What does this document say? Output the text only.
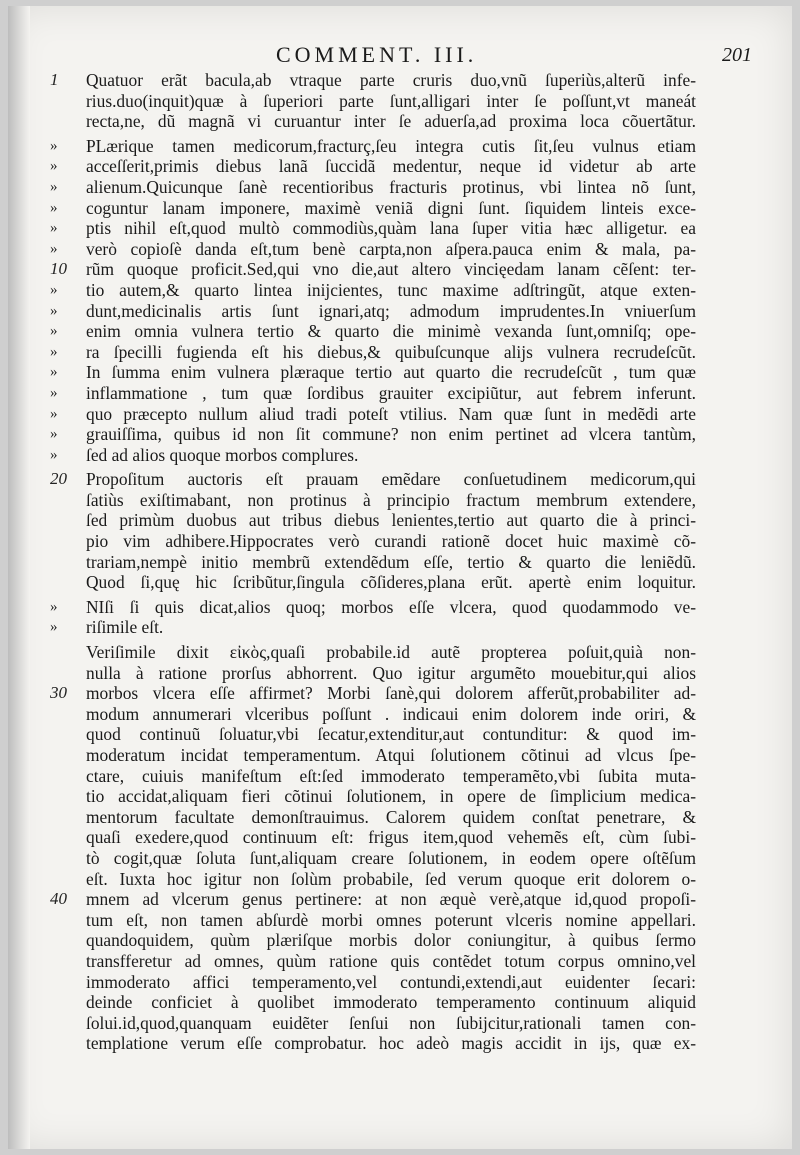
COMMENT. III.	201
1	Quatuor erãt bacula,ab vtraque parte cruris duo,vnũ ſuperiùs,alterũ infe-
rius.duo(inquit)quæ à ſuperiori parte ſunt,alligari inter ſe poſſunt,vt maneát
recta,ne, dũ magnã vi curuantur inter ſe aduerſa,ad proxima loca cõuertãtur.
»	PLærique tamen medicorum,fracturç,ſeu integra cutis ſit,ſeu vulnus etiam
»	acceſſerit,primis diebus lanã ſuccidã medentur, neque id videtur ab arte
»	alienum.Quicunque ſanè recentioribus fracturis protinus, vbi lintea nõ ſunt,
»	coguntur lanam imponere, maximè veniã digni ſunt. ſiquidem linteis exce-
»	ptis nihil eſt,quod multò commodiùs,quàm lana ſuper vitia hæc alligetur. ea
»	verò copioſè danda eſt,tum benè carpta,non aſpera.pauca enim & mala, pa-
10	rũm quoque proficit.Sed,qui vno die,aut altero vincięedam lanam cẽſent: ter-
»	tio autem,& quarto lintea inijcientes, tunc maxime adſtringũt, atque exten-
»	dunt,medicinalis artis ſunt ignari,atq; admodum imprudentes.In vniuerſum
»	enim omnia vulnera tertio & quarto die minimè vexanda ſunt,omniſq; ope-
»	ra ſpecilli fugienda eſt his diebus,& quibuſcunque alijs vulnera recrudeſcũt.
»	In ſumma enim vulnera plæraque tertio aut quarto die recrudeſcũt , tum quæ
»	inflammatione , tum quæ ſordibus grauiter excipiũtur, aut febrem inferunt.
»	quo præcepto nullum aliud tradi poteſt vtilius. Nam quæ ſunt in medẽdi arte
»	grauiſſima, quibus id non ſit commune? non enim pertinet ad vlcera tantùm,
»	ſed ad alios quoque morbos complures.
20	Propoſitum auctoris eſt prauam emẽdare conſuetudinem medicorum,qui
ſatiùs exiſtimabant, non protinus à principio fractum membrum extendere,
ſed primùm duobus aut tribus diebus lenientes,tertio aut quarto die à princi-
pio vim adhibere.Hippocrates verò curandi rationẽ docet huic maximè cõ-
trariam,nempè initio membrũ extendẽdum eſſe, tertio & quarto die leniẽdũ.
Quod ſi,quę hic ſcribũtur,ſingula cõſideres,plana erũt. apertè enim loquitur.
»	NIſi ſi quis dicat,alios quoq; morbos eſſe vlcera, quod quodammodo ve-
»	riſimile eſt.
Veriſimile dixit εἰκὸς,quaſi probabile.id autẽ propterea poſuit,quià non-
nulla à ratione prorſus abhorrent. Quo igitur argumẽto mouebitur,qui alios
30	morbos vlcera eſſe affirmet? Morbi ſanè,qui dolorem afferũt,probabiliter ad-
modum annumerari vlceribus poſſunt . indicaui enim dolorem inde oriri, &
quod continuũ ſoluatur,vbi ſecatur,extenditur,aut contunditur: & quod im-
moderatum incidat temperamentum. Atqui ſolutionem cõtinui ad vlcus ſpe-
ctare, cuiuis manifeſtum eſt:ſed immoderato temperamẽto,vbi ſubita muta-
tio accidat,aliquam fieri cõtinui ſolutionem, in opere de ſimplicium medica-
mentorum facultate demonſtrauimus. Calorem quidem conſtat penetrare, &
quaſi exedere,quod continuum eſt: frigus item,quod vehemẽs eſt, cùm ſubi-
tò cogit,quæ ſoluta ſunt,aliquam creare ſolutionem, in eodem opere oſtẽſum
eſt. Iuxta hoc igitur non ſolùm probabile, ſed verum quoque erit dolorem o-
40	mnem ad vlcerum genus pertinere: at non æquè verè,atque id,quod propoſi-
tum eſt, non tamen abſurdè morbi omnes poterunt vlceris nomine appellari.
quandoquidem, quùm plæriſque morbis dolor coniungitur, à quibus ſermo
transfferetur ad omnes, quùm ratione quis contẽdet totum corpus omnino,vel
immoderato affici temperamento,vel contundi,extendi,aut euidenter ſecari:
deinde conficiet à quolibet immoderato temperamento continuum aliquid
ſolui.id,quod,quanquam euidẽter ſenſui non ſubijcitur,rationali tamen con-
templatione verum eſſe comprobatur. hoc adeò magis accidit in ijs, quæ ex-
